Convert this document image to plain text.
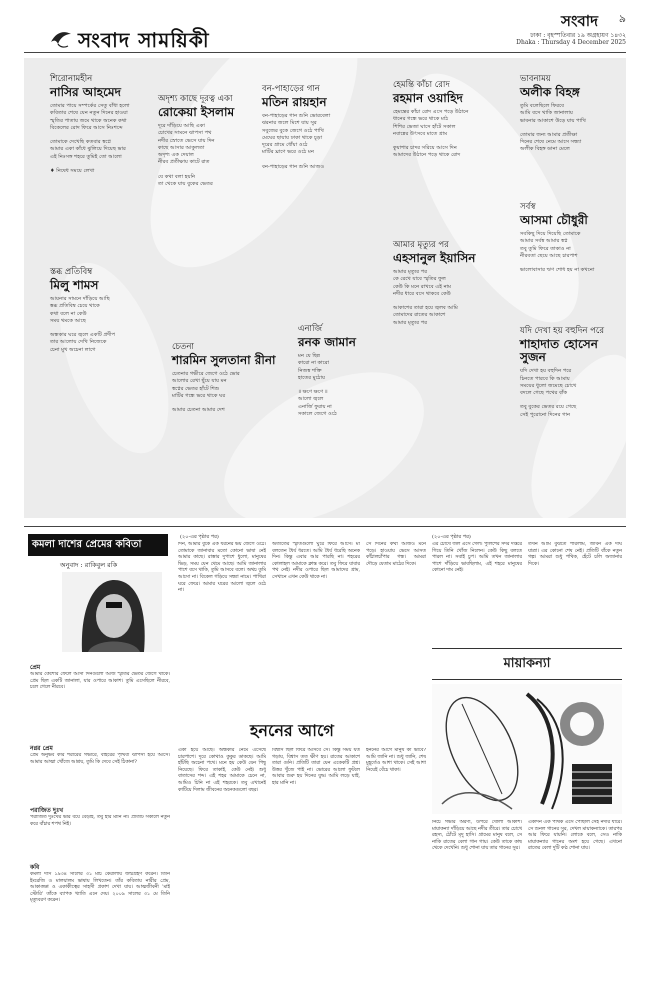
সংবাদ সাময়িকী
সংবাদ ৯
ঢাকা : বৃহস্পতিবার ১৯ অগ্রহায়ণ ১৪৩২
Dhaka : Thursday 4 December 2025
শিরোনামহীন
নাসির আহমেদ
তোমার পায়ে সম্পর্কের সেতু বাঁধা হলো
কবিতার শেষে যেন নতুন দিনের হাওয়া
স্মৃতির পাতায় জমে থাকে অনেক কথা
বিকেলের রোদ ফিরে আসে নিঃশব্দে

তোমাকে দেখেছি কতবার স্বপ্নে
আমার একা কাঁধে ঝুলিয়ে দিয়েছ ভার
এই নিঃসঙ্গ শহরে তুমিই তো আলো

♦ নিষেধ সময়ে লেখা
অদৃশ্য কাছে দূরত্ব একা
রোকেয়া ইসলাম
দূরে দাঁড়িয়ে আছি একা
চোখের সামনে ঝাপসা পথ
নদীর স্রোতে ভেসে যায় দিন
কাছে আসার আকুলতা
অদৃশ্য এক দেয়াল
নীরব প্রতীক্ষায় কাটে রাত

যে কথা বলা হয়নি
তা থেকে যায় বুকের ভেতর
বন-পাহাড়ের গান
মতিন রায়হান
বন-পাহাড়ের গান শুনি ভোরবেলা
ঝরনার জলে মিশে যায় সুর
সবুজের বুকে জেগে ওঠে পাখি
মেঘের ছায়ায় ঢাকা থাকে চূড়া
দূরের গ্রামে ধোঁয়া ওঠে
মাটির ঘ্রাণে ভরে ওঠে মন

বন-পাহাড়ের গান শুনি আজও
হেমন্তি কাঁচা রোদ
রহমান ওয়াহিদ
হেমন্তের কাঁচা রোদ এসে পড়ে উঠানে
ধানের গন্ধে ভরে থাকে মাঠ
শিশির ভেজা ঘাসে হাঁটে সকাল
নবান্নের উৎসবে মাতে গ্রাম

কুয়াশার চাদর সরিয়ে আসে দিন
আমাদের উঠানে পড়ে থাকে রোদ
ভাবনাময়
অলীক বিহঙ্গ
তুমি বলেছিলে ফিরবে
আমি বসে থাকি জানালায়
ভাবনার আকাশে উড়ে যায় পাখি

তোমার জন্য আমার প্রতীক্ষা
দিনের শেষে নেমে আসে সন্ধ্যা
অলীক বিহঙ্গ ডানা মেলে
সর্বস্ব
আসমা চৌধুরী
সবকিছু দিয়ে দিয়েছি তোমাকে
আমার সর্বস্ব আমার স্বপ্ন
তবু তুমি ফিরে তাকাও না
নীরবতা ছেয়ে আছে চারপাশ

ভালোবাসার ঋণ শোধ হয় না কখনো
আমার মৃত্যুর পর
এহসানুল ইয়াসিন
আমার মৃত্যুর পর
কে রেখে যাবে স্মৃতির ফুল
কেউ কি মনে রাখবে এই নাম
নদীর ধারে বসে থাকবে কেউ

আকাশের তারা হয়ে জ্বলব আমি
তোমাদের রাতের আকাশে
আমার মৃত্যুর পর
স্তব্ধ প্রতিবিম্ব
মিলু শামস
আয়নার সামনে দাঁড়িয়ে আছি
স্তব্ধ প্রতিবিম্ব চেয়ে থাকে
কথা বলে না কেউ
সময় থমকে আছে

অন্ধকার ঘরে জ্বলে একটি প্রদীপ
তার আলোয় দেখি নিজেকে
চেনা মুখ অচেনা লাগে	চেতনা
শারমিন সুলতানা রীনা
চেতনার গভীরে জেগে ওঠে ভোর
আলোর রেখা ছুঁয়ে যায় মন
স্বপ্নের ভেতর হাঁটে শিশু
মাটির গন্ধে ভরে থাকে ঘর

আমার চেতনা আমার দেশ
এনার্জি
রনক জামান
মন যে ছিন্ন
কারো না কারো
নিজস্ব শক্তি
হাতের মুঠোয়

॥ ক্ষণে ক্ষণে ॥
আলো জ্বলে
এনার্জি ফুরায় না
সকালে জেগে ওঠে
যদি দেখা হয় বহুদিন পরে
শাহাদাত হোসেন সুজন
যদি দেখা হয় বহুদিন পরে
চিনতে পারবে কি আমায়
সময়ের ধুলো জমেছে চোখে
বদলে গেছে পথের বাঁক

তবু বুকের ভেতর রয়ে গেছে
সেই পুরোনো দিনের গান
কমলা দাশের প্রেমের কবিতা
অনুবাদ : রাকিবুল রকি
প্রেম
আমার কৈশোর ফেলে আসা দিনগুলো আজ স্মৃতির ভেতর জেগে থাকে। প্রেম ছিল একটি জানালা, যার ওপারে আকাশ। তুমি এসেছিলে নীরবে, চলে গেলে নীরবে।
নগ্নর প্রেম
প্রেম অনুভব করি শরীরের গভীরে, বাইরের পৃথিবী ঝাপসা হয়ে আসে। আমার আত্মা খোঁজে আশ্রয়, তুমি কি দেবে সেই ঠিকানা?
পরাজিত দুঃখ
পরাজিত দুঃখের ভার বয়ে বেড়াই, তবু হার মানি না। প্রতিটি সকালে নতুন করে বাঁচার শপথ নিই।
কবি
কমলা দাস ১৯৩৪ সালের ৩১ মার্চ কেরালায় জন্মগ্রহণ করেন। তিনি ইংরেজি ও মালয়ালম ভাষায় লিখতেন। তাঁর কবিতায় নারীর প্রেম, আকাঙ্ক্ষা ও একাকীত্বের সাহসী প্রকাশ দেখা যায়। আত্মজীবনী ‘মাই স্টোরি’ তাঁকে ব্যাপক খ্যাতি এনে দেয়। ২০০৯ সালের ৩১ মে তিনি মৃত্যুবরণ করেন।
(২০-এর পৃষ্ঠার পর)
দিন, আমার বুকে এক ধরনের ভয় জেগে ওঠে। তোমাকে জানাবার মতো কোনো ভাষা নেই আমার কাছে। রাস্তার দুপাশে ধুলো, মানুষের ভিড়, সময় যেন থেমে আছে। আমি জানালার পাশে বসে থাকি, তুমি আসবে বলে। অথচ তুমি আসো না। বিকেল গড়িয়ে সন্ধ্যা নামে। পাখিরা ঘরে ফেরে। আমার ঘরের আলো জ্বলে ওঠে না।
অতীতের স্মৃতিগুলো ঘুরে ফিরে আসে। মা বলতেন ধৈর্য ধরতে। আমি ধৈর্য ধরেছি অনেক দিন। কিন্তু এবার আর পারছি না। শহরের কোলাহল আমাকে ক্লান্ত করে। তবু ফিরে যাবার পথ নেই। নদীর ওপারে ছিল আমাদের গ্রাম, সেখানে এখন কেউ থাকে না।
সে দিনের কথা আজও মনে পড়ে। হাওয়ায় ভেসে আসত কাঁঠালচাঁপার গন্ধ। আমরা দৌড়ে যেতাম মাঠের দিকে।
হননের আগে
একা হয়ে আছে। অন্ধকার নেমে এসেছে চারপাশে। দূরে কোথাও কুকুর ডাকছে। আমি হাঁটছি অচেনা পথে। মনে হয় কেউ যেন পিছু নিয়েছে। ফিরে তাকাই, কেউ নেই। শুধু বাতাসের শব্দ। এই শহর আমাকে চেনে না, আমিও চিনি না এই শহরকে। তবু এখানেই কাটিয়ে দিলাম জীবনের অনেকগুলো বছর।
বিশ্বাস ছিল ফিরে আসবে সে। কিন্তু সময় যত গড়ায়, বিশ্বাস তত ক্ষীণ হয়। রাতের আকাশে তারা গুনি। প্রতিটি তারা যেন একেকটি প্রশ্ন। উত্তর খুঁজে পাই না। ভোরের আলো ফুটলে আবার শুরু হয় দিনের যুদ্ধ। আমি লড়ে যাই, হার মানি না।
হননের আগে মানুষ কী ভাবে? আমি জানি না। শুধু জানি, শেষ মুহূর্তেও আশা থাকে। সেই আশা নিয়েই বেঁচে থাকা।
(২০-এর পৃষ্ঠার পর)
এর চোখে জল এসে গেল। পুলিশের সদর দপ্তরে গিয়ে তিনি খোঁজ নিলেন। কেউ কিছু বলতে পারল না। সবাই চুপ। আমি তখন জানালার পাশে দাঁড়িয়ে ভাবছিলাম, এই শহরে মানুষের কোনো দাম নেই।
তখন আমি বুঝতে পারলাম, জীবন এক দীর্ঘ যাত্রা। এর কোনো শেষ নেই। প্রতিটি বাঁকে নতুন গল্প। আমরা শুধু পথিক, হেঁটে চলি অজানার দিকে।
মায়াকন্যা
নিচে গভীর অরণ্য, উপরে খোলা আকাশ। মায়াকন্যা দাঁড়িয়ে আছে নদীর তীরে। তার চোখে রহস্য, ঠোঁটে মৃদু হাসি। গ্রামের মানুষ বলে, সে নাকি রাতের বেলা গান গায়। কেউ তাকে কাছ থেকে দেখেনি। শুধু শোনা যায় তার গানের সুর।
একদিন এক পথিক এসে পৌঁছাল সেই নদীর ধারে। সে শুনল গানের সুর, দেখল মায়াকন্যাকে। তারপর আর ফিরে যায়নি। লোকে বলে, সেও নাকি মায়াকন্যার গানের অংশ হয়ে গেছে। এখনো রাতের বেলা দুটি কণ্ঠ শোনা যায়।
